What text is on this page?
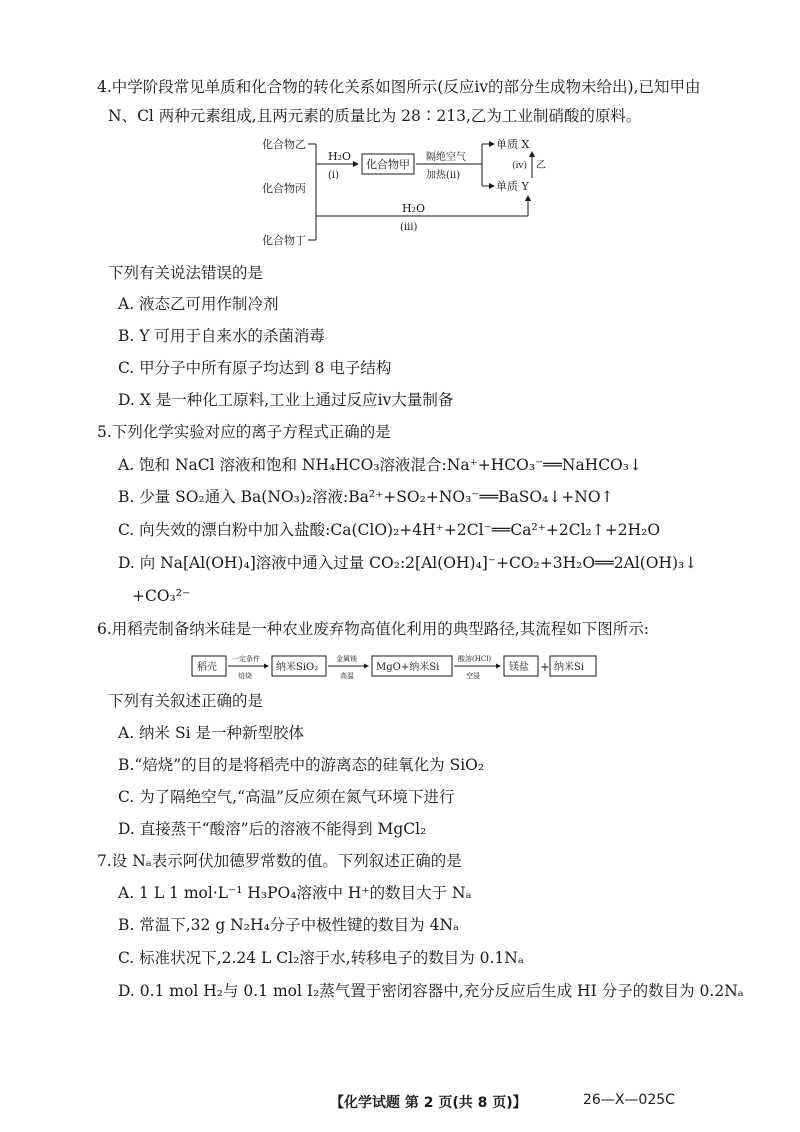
4.中学阶段常见单质和化合物的转化关系如图所示(反应ⅳ的部分生成物未给出),已知甲由
N、Cl 两种元素组成,且两元素的质量比为 28∶213,乙为工业制硝酸的原料。
化合物乙
化合物丙
化合物丁
H₂O
(ⅰ)
化合物甲
隔绝空气
加热(ⅱ)
单质 X
单质 Y
(ⅳ) 乙
H₂O
(ⅲ)
下列有关说法错误的是
A. 液态乙可用作制冷剂
B. Y 可用于自来水的杀菌消毒
C. 甲分子中所有原子均达到 8 电子结构
D. X 是一种化工原料,工业上通过反应ⅳ大量制备
5.下列化学实验对应的离子方程式正确的是
A. 饱和 NaCl 溶液和饱和 NH₄HCO₃溶液混合:Na⁺+HCO₃⁻══NaHCO₃↓
B. 少量 SO₂通入 Ba(NO₃)₂溶液:Ba²⁺+SO₂+NO₃⁻══BaSO₄↓+NO↑
C. 向失效的漂白粉中加入盐酸:Ca(ClO)₂+4H⁺+2Cl⁻══Ca²⁺+2Cl₂↑+2H₂O
D. 向 Na[Al(OH)₄]溶液中通入过量 CO₂:2[Al(OH)₄]⁻+CO₂+3H₂O══2Al(OH)₃↓
+CO₃²⁻
6.用稻壳制备纳米硅是一种农业废弃物高值化利用的典型路径,其流程如下图所示:
稻壳
一定条件
焙烧
纳米SiO₂
金属镁
高温
MgO+纳米Si
酸溶(HCl)
空浸
镁盐 + 纳米Si
下列有关叙述正确的是
A. 纳米 Si 是一种新型胶体
B.“焙烧”的目的是将稻壳中的游离态的硅氧化为 SiO₂
C. 为了隔绝空气,“高温”反应须在氮气环境下进行
D. 直接蒸干“酸溶”后的溶液不能得到 MgCl₂
7.设 Nₐ表示阿伏加德罗常数的值。下列叙述正确的是
A. 1 L 1 mol·L⁻¹ H₃PO₄溶液中 H⁺的数目大于 Nₐ
B. 常温下,32 g N₂H₄分子中极性键的数目为 4Nₐ
C. 标准状况下,2.24 L Cl₂溶于水,转移电子的数目为 0.1Nₐ
D. 0.1 mol H₂与 0.1 mol I₂蒸气置于密闭容器中,充分反应后生成 HI 分子的数目为 0.2Nₐ
【化学试题 第 2 页(共 8 页)】	26—X—025C
